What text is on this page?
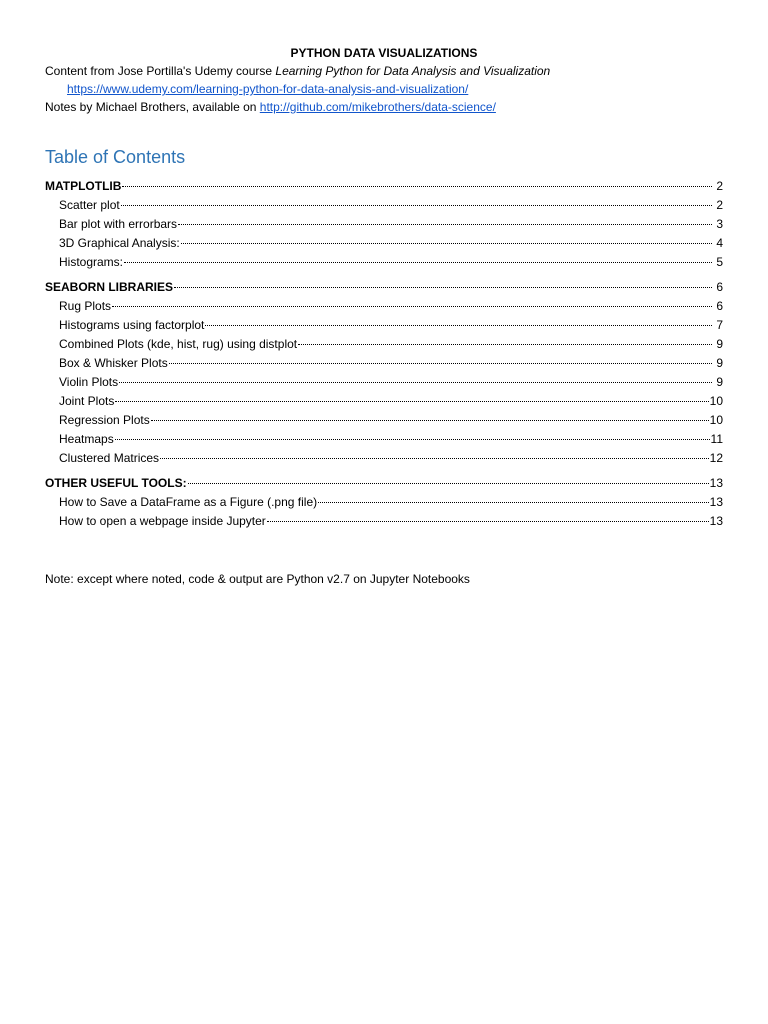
PYTHON DATA VISUALIZATIONS
Content from Jose Portilla's Udemy course Learning Python for Data Analysis and Visualization
https://www.udemy.com/learning-python-for-data-analysis-and-visualization/
Notes by Michael Brothers, available on http://github.com/mikebrothers/data-science/
Table of Contents
MATPLOTLIB	2
Scatter plot	2
Bar plot with errorbars	3
3D Graphical Analysis:	4
Histograms:	5
SEABORN LIBRARIES	6
Rug Plots	6
Histograms using factorplot	7
Combined Plots (kde, hist, rug) using distplot	9
Box & Whisker Plots	9
Violin Plots	9
Joint Plots	10
Regression Plots	10
Heatmaps	11
Clustered Matrices	12
OTHER USEFUL TOOLS:	13
How to Save a DataFrame as a Figure (.png file)	13
How to open a webpage inside Jupyter	13
Note: except where noted, code & output are Python v2.7 on Jupyter Notebooks
